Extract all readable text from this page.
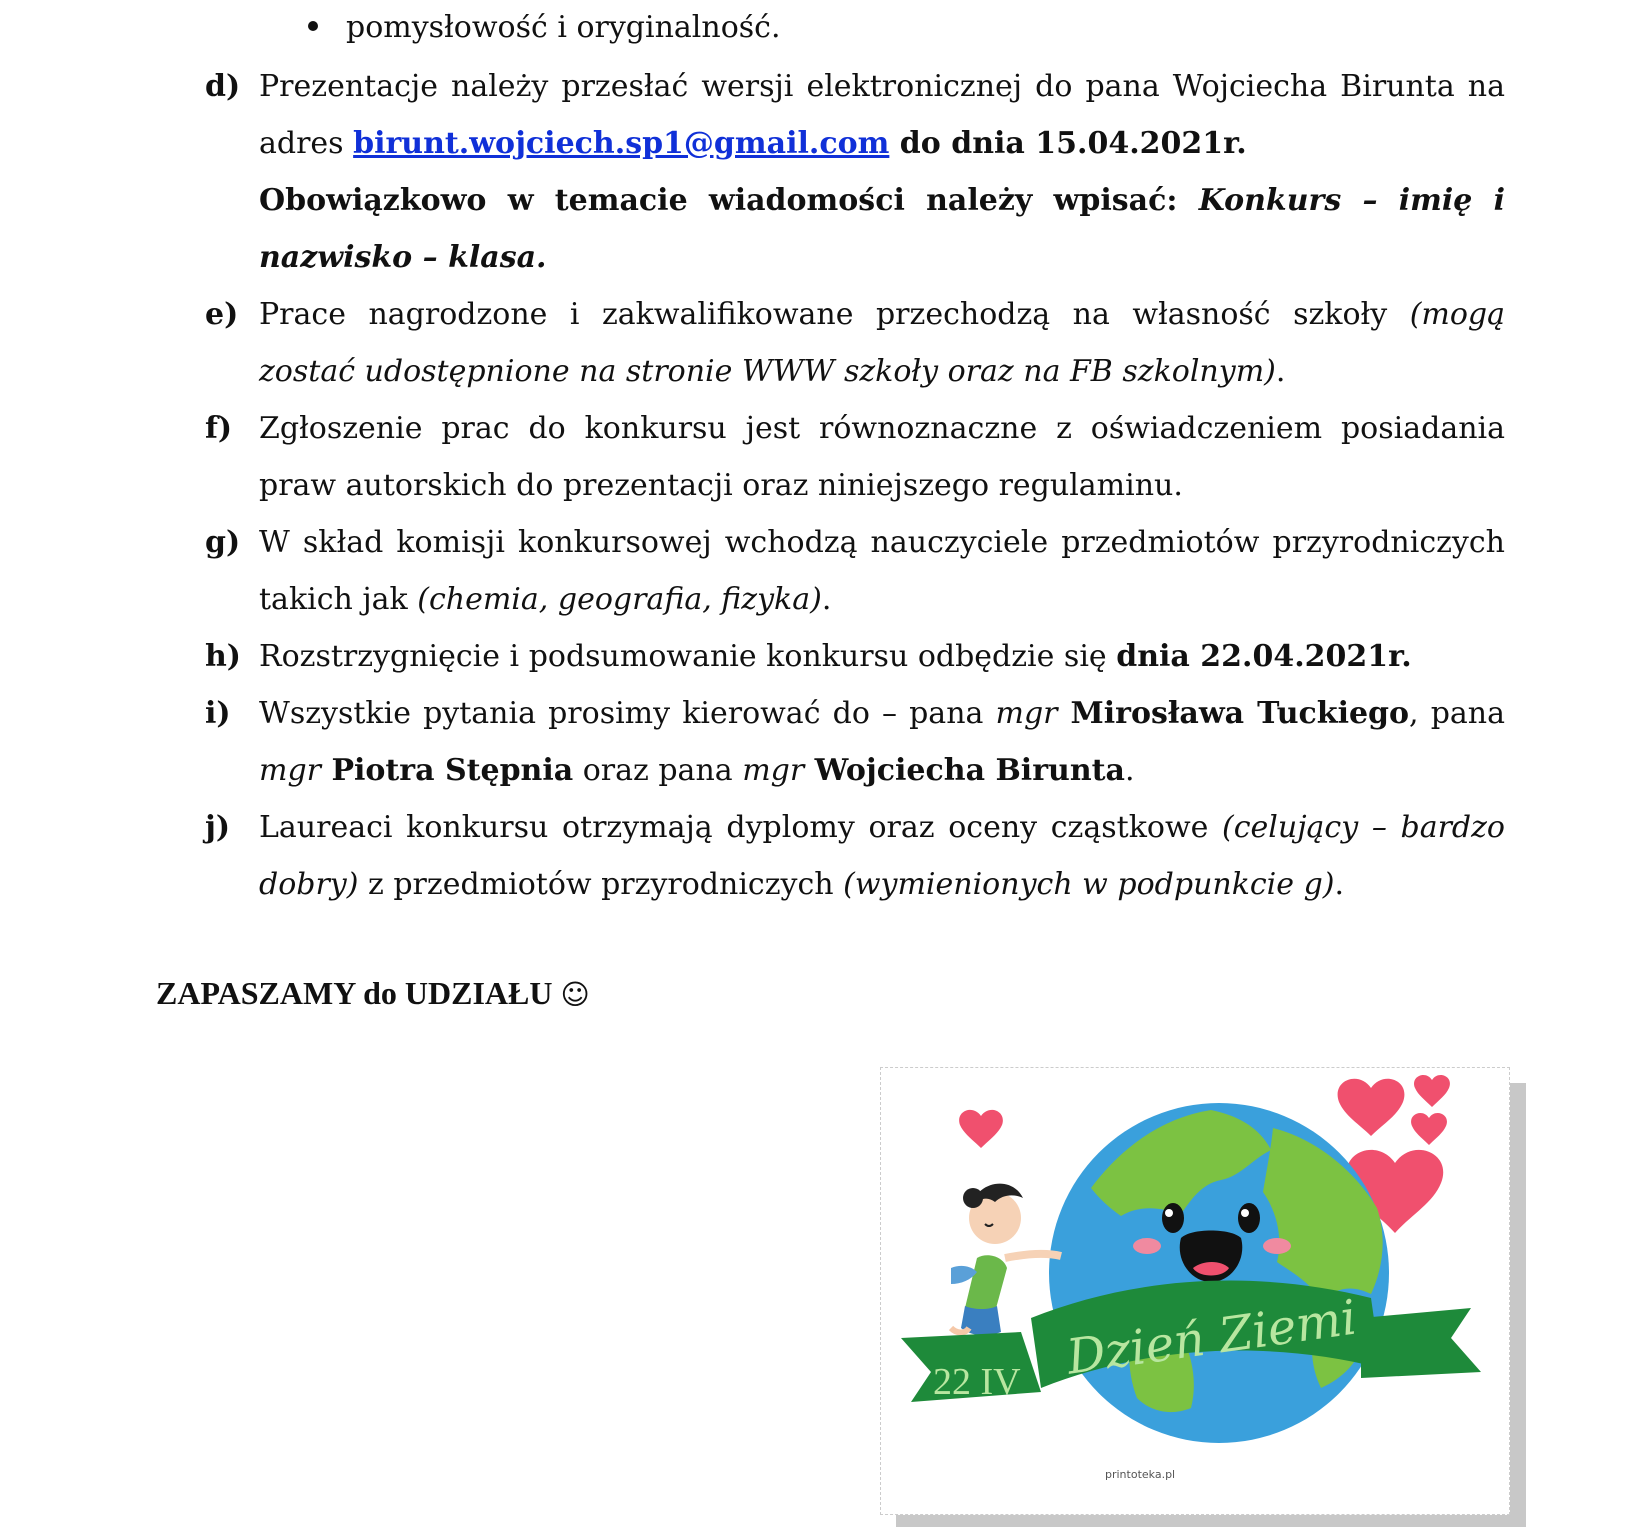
pomysłowość i oryginalność.
d) Prezentacje należy przesłać wersji elektronicznej do pana Wojciecha Birunta na adres birunt.wojciech.sp1@gmail.com do dnia 15.04.2021r.
Obowiązkowo w temacie wiadomości należy wpisać: Konkurs – imię i nazwisko – klasa.
e) Prace nagrodzone i zakwalifikowane przechodzą na własność szkoły (mogą zostać udostępnione na stronie WWW szkoły oraz na FB szkolnym).
f) Zgłoszenie prac do konkursu jest równoznaczne z oświadczeniem posiadania praw autorskich do prezentacji oraz niniejszego regulaminu.
g) W skład komisji konkursowej wchodzą nauczyciele przedmiotów przyrodniczych takich jak (chemia, geografia, fizyka).
h) Rozstrzygnięcie i podsumowanie konkursu odbędzie się dnia 22.04.2021r.
i) Wszystkie pytania prosimy kierować do – pana mgr Mirosława Tuckiego, pana mgr Piotra Stępnia oraz pana mgr Wojciecha Birunta.
j) Laureaci konkursu otrzymają dyplomy oraz oceny cząstkowe (celujący – bardzo dobry) z przedmiotów przyrodniczych (wymienionych w podpunkcie g).
ZAPASZAMY do UDZIAŁU ☺
22 IV Dzień Ziemi
printoteka.pl
